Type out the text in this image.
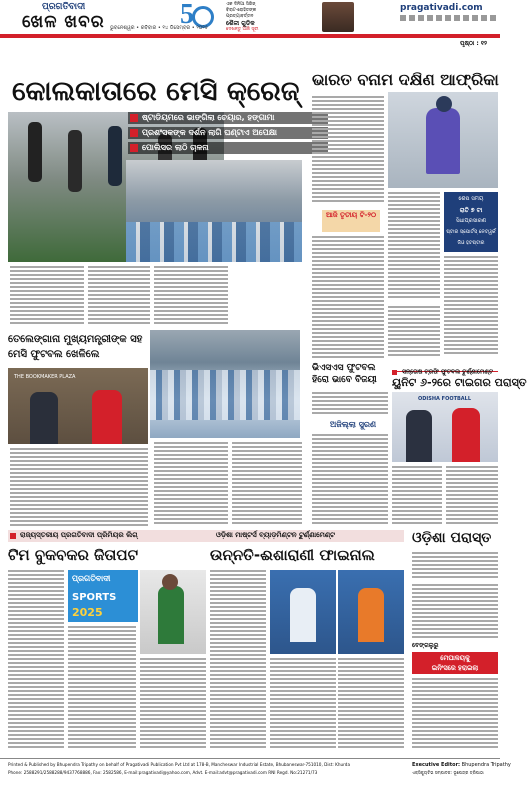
ପ୍ରଗତିବାଦୀ
ଖେଳ ଖବର	5
ଭୁବନେଶ୍ୱର • ରବିବାର • ୧୪ ଡିସେମ୍ବର • ୨୦୨୫
ଏକ ଦିନିଆ ସିରିଜ୍‌
ବିରାଟ-ରୋହିତଙ୍କ
ପ୍ରତ୍ୟାବର୍ତ୍ତନ
ଶୈଳୀ ଗୁଡ଼ିକ
ଦେଖନ୍ତୁ ଆଜି ସୂଚୀ
pragativadi.com
ପୃଷ୍ଠା : ୧୨
କୋଲକାତାରେ ମେସି କ୍ରେଜ୍‌
ଷ୍ଟାଡିୟମରେ ଭାଙ୍ଗିଲା ଚେୟାର, ହଙ୍ଗାମା
ପ୍ରଶଂସକଙ୍କ ଦର୍ଶନ ଲାଗି ଘଣ୍ଟାଏ ଅପେକ୍ଷା
ପୋଲିସର ଲାଠି ଚାଳନା
ତେଲେଙ୍ଗାନା ମୁଖ୍ୟମନ୍ତ୍ରୀଙ୍କ ସହ
ମେସି ଫୁଟବଲ ଖେଳିଲେ
THE BOOKMAKER PLAZA
ଭାରତ ବନାମ ଦକ୍ଷିଣ ଆଫ୍ରିକା
ଆଜି ତୃତୀୟ ଟି-୨୦
ଶେଷ ସମୟ
ରାତି ୭ ଟା
ସିଧାପ୍ରସାରଣ
ଷ୍ଟାର ସ୍ପୋର୍ଟସ୍‌ ନେଟୱର୍କ
ଜିଓ ହଟଷ୍ଟାର
ଭିଏସଏସ ଫୁଟବଲ
ହିରୋ ଭାବେ ବିଜୟୀ
ସନ୍ତୋଷ ଟ୍ରଫି ଫୁଟବଲ ଟୁର୍ଣ୍ଣାମେଣ୍ଟ
ୟୁନିଟ ୬-୨ରେ ଟାଇଗର ପରାସ୍ତ
ଅଜିଲ୍ଲା ସୁରଣ
ODISHA FOOTBALL
ରାଜ୍ୟସ୍ତରୀୟ ପ୍ରଗତିବାଦୀ ପ୍ରିମିୟର ଲିଗ୍‌	ଓଡ଼ିଶା ମାଷ୍ଟର୍ସ ବ୍ୟାଡ଼ମିଣ୍ଟନ ଟୁର୍ଣ୍ଣାମେଣ୍ଟ
ଟିମ ବୁକବକର ଜିତାପଟ	ଉନ୍ନତି-ଈଶାରାଣୀ ଫାଇନାଲ
ପ୍ରଗତିବାଦୀ
SPORTS
2025
ଓଡ଼ିଶା ପରାସ୍ତ
ବେଙ୍ଗଲୁରୁ
ମେଘାଳୟକୁ
ଇନିଂସରେ ହରାଇଲା
Printed & Published by Bhupendra Tripathy on behalf of Pragativadi Publication Pvt Ltd at 178-B, Mancheswar Industrial Estate, Bhubaneswar-751010, Dist: Khurda
Phone: 2588291/2588288/9437768886, Fax: 2582586, E-mail:pragativadi@yahoo.com, Advt. E-mail:advt@pragativadi.com RNI Regd. No:21271/73
Executive Editor: Bhupendra Tripathy
ଏକ୍ସିକ୍ୟୁଟିଭ ସମ୍ପାଦକ: ଭୂପେନ୍ଦ୍ର ତ୍ରିପାଠୀ
